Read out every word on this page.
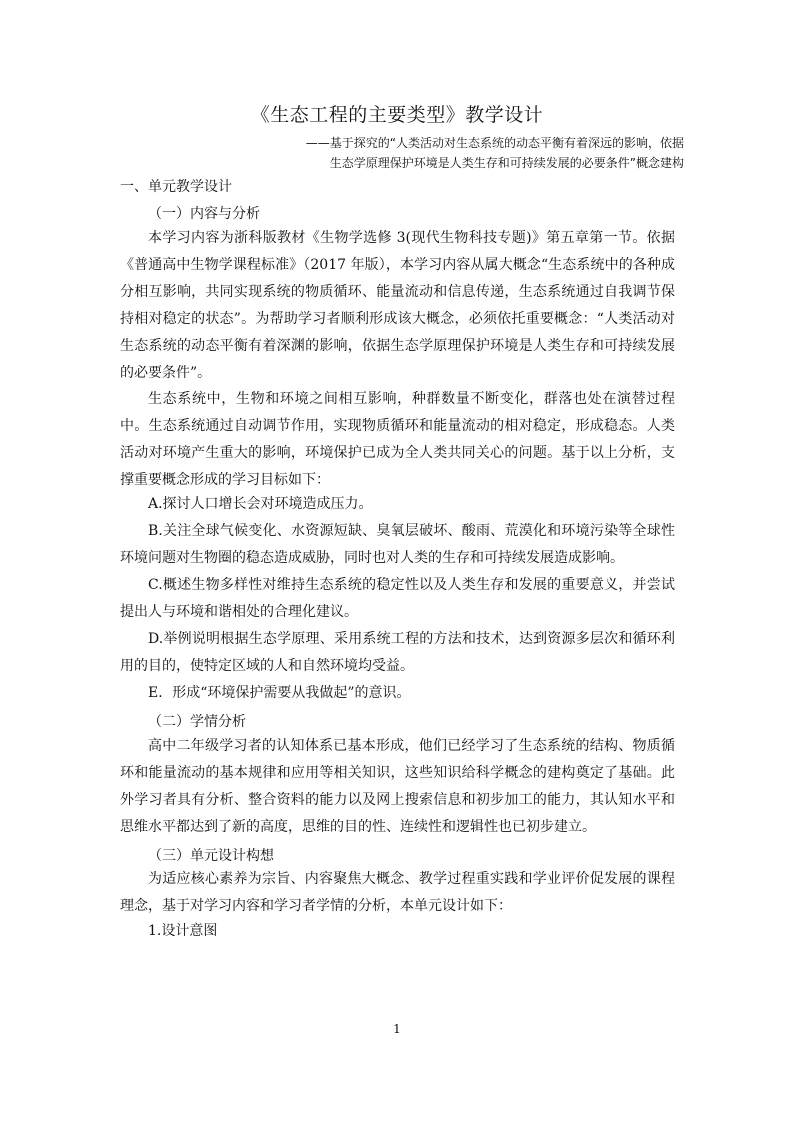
《生态工程的主要类型》教学设计
——基于探究的“人类活动对生态系统的动态平衡有着深远的影响，依据
生态学原理保护环境是人类生存和可持续发展的必要条件”概念建构
一、单元教学设计
（一）内容与分析
本学习内容为浙科版教材《生物学选修 3(现代生物科技专题)》第五章第一节。依据《普通高中生物学课程标准》（2017 年版），本学习内容从属大概念“生态系统中的各种成分相互影响，共同实现系统的物质循环、能量流动和信息传递，生态系统通过自我调节保持相对稳定的状态”。为帮助学习者顺利形成该大概念，必须依托重要概念：“人类活动对生态系统的动态平衡有着深渊的影响，依据生态学原理保护环境是人类生存和可持续发展的必要条件”。
生态系统中，生物和环境之间相互影响，种群数量不断变化，群落也处在演替过程中。生态系统通过自动调节作用，实现物质循环和能量流动的相对稳定，形成稳态。人类活动对环境产生重大的影响，环境保护已成为全人类共同关心的问题。基于以上分析，支撑重要概念形成的学习目标如下：
A.探讨人口增长会对环境造成压力。
B.关注全球气候变化、水资源短缺、臭氧层破坏、酸雨、荒漠化和环境污染等全球性环境问题对生物圈的稳态造成威胁，同时也对人类的生存和可持续发展造成影响。
C.概述生物多样性对维持生态系统的稳定性以及人类生存和发展的重要意义，并尝试提出人与环境和谐相处的合理化建议。
D.举例说明根据生态学原理、采用系统工程的方法和技术，达到资源多层次和循环利用的目的，使特定区域的人和自然环境均受益。
E．形成“环境保护需要从我做起”的意识。
（二）学情分析
高中二年级学习者的认知体系已基本形成，他们已经学习了生态系统的结构、物质循环和能量流动的基本规律和应用等相关知识，这些知识给科学概念的建构奠定了基础。此外学习者具有分析、整合资料的能力以及网上搜索信息和初步加工的能力，其认知水平和思维水平都达到了新的高度，思维的目的性、连续性和逻辑性也已初步建立。
（三）单元设计构想
为适应核心素养为宗旨、内容聚焦大概念、教学过程重实践和学业评价促发展的课程理念，基于对学习内容和学习者学情的分析，本单元设计如下：
1.设计意图
1
